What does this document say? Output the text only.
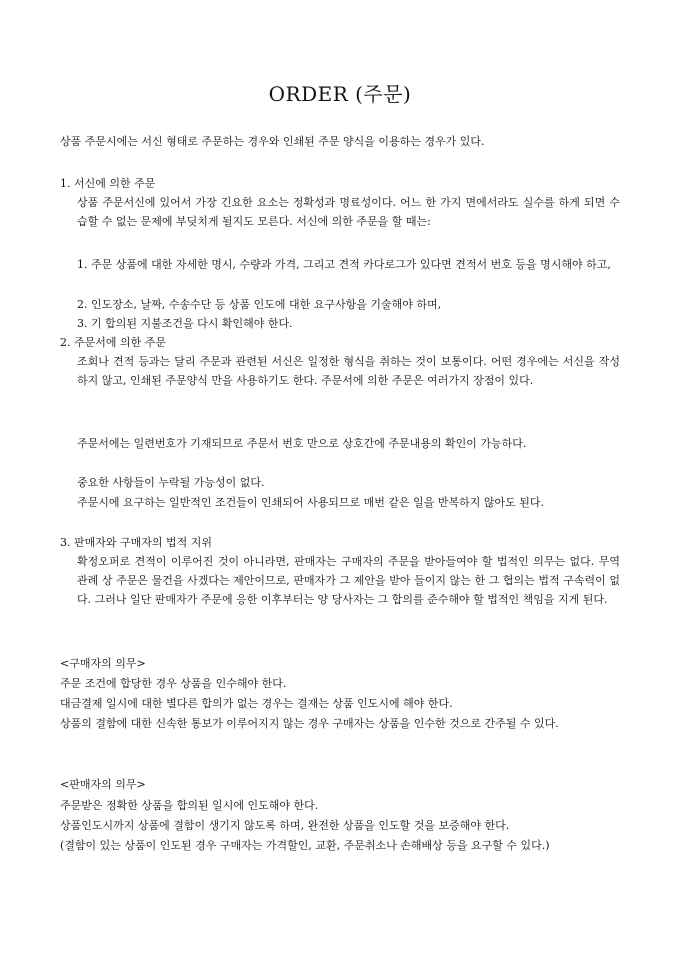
ORDER (주문)

상품 주문시에는 서신 형태로 주문하는 경우와 인쇄된 주문 양식을 이용하는 경우가 있다.

1. 서신에 의한 주문

상품 주문서신에 있어서 가장 긴요한 요소는 정확성과 명료성이다. 어느 한 가지 면에서라도 실수를 하게 되면 수습할 수 없는 문제에 부딪치게 될지도 모른다. 서신에 의한 주문을 할 때는:

1. 주문 상품에 대한 자세한 명시, 수량과 가격, 그리고 견적 카다로그가 있다면 견적서 번호 등을 명시해야 하고,

2. 인도장소, 날짜, 수송수단 등 상품 인도에 대한 요구사항을 기술해야 하며,

3. 기 합의된 지불조건을 다시 확인해야 한다.

2. 주문서에 의한 주문

조회나 견적 등과는 달리 주문과 관련된 서신은 일정한 형식을 취하는 것이 보통이다. 어떤 경우에는 서신을 작성하지 않고, 인쇄된 주문양식 만을 사용하기도 한다. 주문서에 의한 주문은 여러가지 장점이 있다.

주문서에는 일련번호가 기재되므로 주문서 번호 만으로 상호간에 주문내용의 확인이 가능하다.

중요한 사항들이 누락될 가능성이 없다.

주문시에 요구하는 일반적인 조건들이 인쇄되어 사용되므로 매번 같은 일을 반복하지 않아도 된다.

3. 판매자와 구매자의 법적 지위

확정오퍼로 견적이 이루어진 것이 아니라면, 판매자는 구매자의 주문을 받아들여야 할 법적인 의무는 없다. 무역 관례 상 주문은 물건을 사겠다는 제안이므로, 판매자가 그 제안을 받아 들이지 않는 한 그 협의는 법적 구속력이 없다. 그러나 일단 판매자가 주문에 응한 이후부터는 양 당사자는 그 합의를 준수해야 할 법적인 책임을 지게 된다.

<구매자의 의무>

주문 조건에 합당한 경우 상품을 인수해야 한다.

대금결제 일시에 대한 별다른 합의가 없는 경우는 결재는 상품 인도시에 해야 한다.

상품의 결함에 대한 신속한 통보가 이루어지지 않는 경우 구매자는 상품을 인수한 것으로 간주될 수 있다.

<판매자의 의무>

주문받은 정확한 상품을 합의된 일시에 인도해야 한다.

상품인도시까지 상품에 결함이 생기지 않도록 하며, 완전한 상품을 인도할 것을 보증해야 한다.

(결함이 있는 상품이 인도된 경우 구매자는 가격할인, 교환, 주문취소나 손해배상 등을 요구할 수 있다.)
